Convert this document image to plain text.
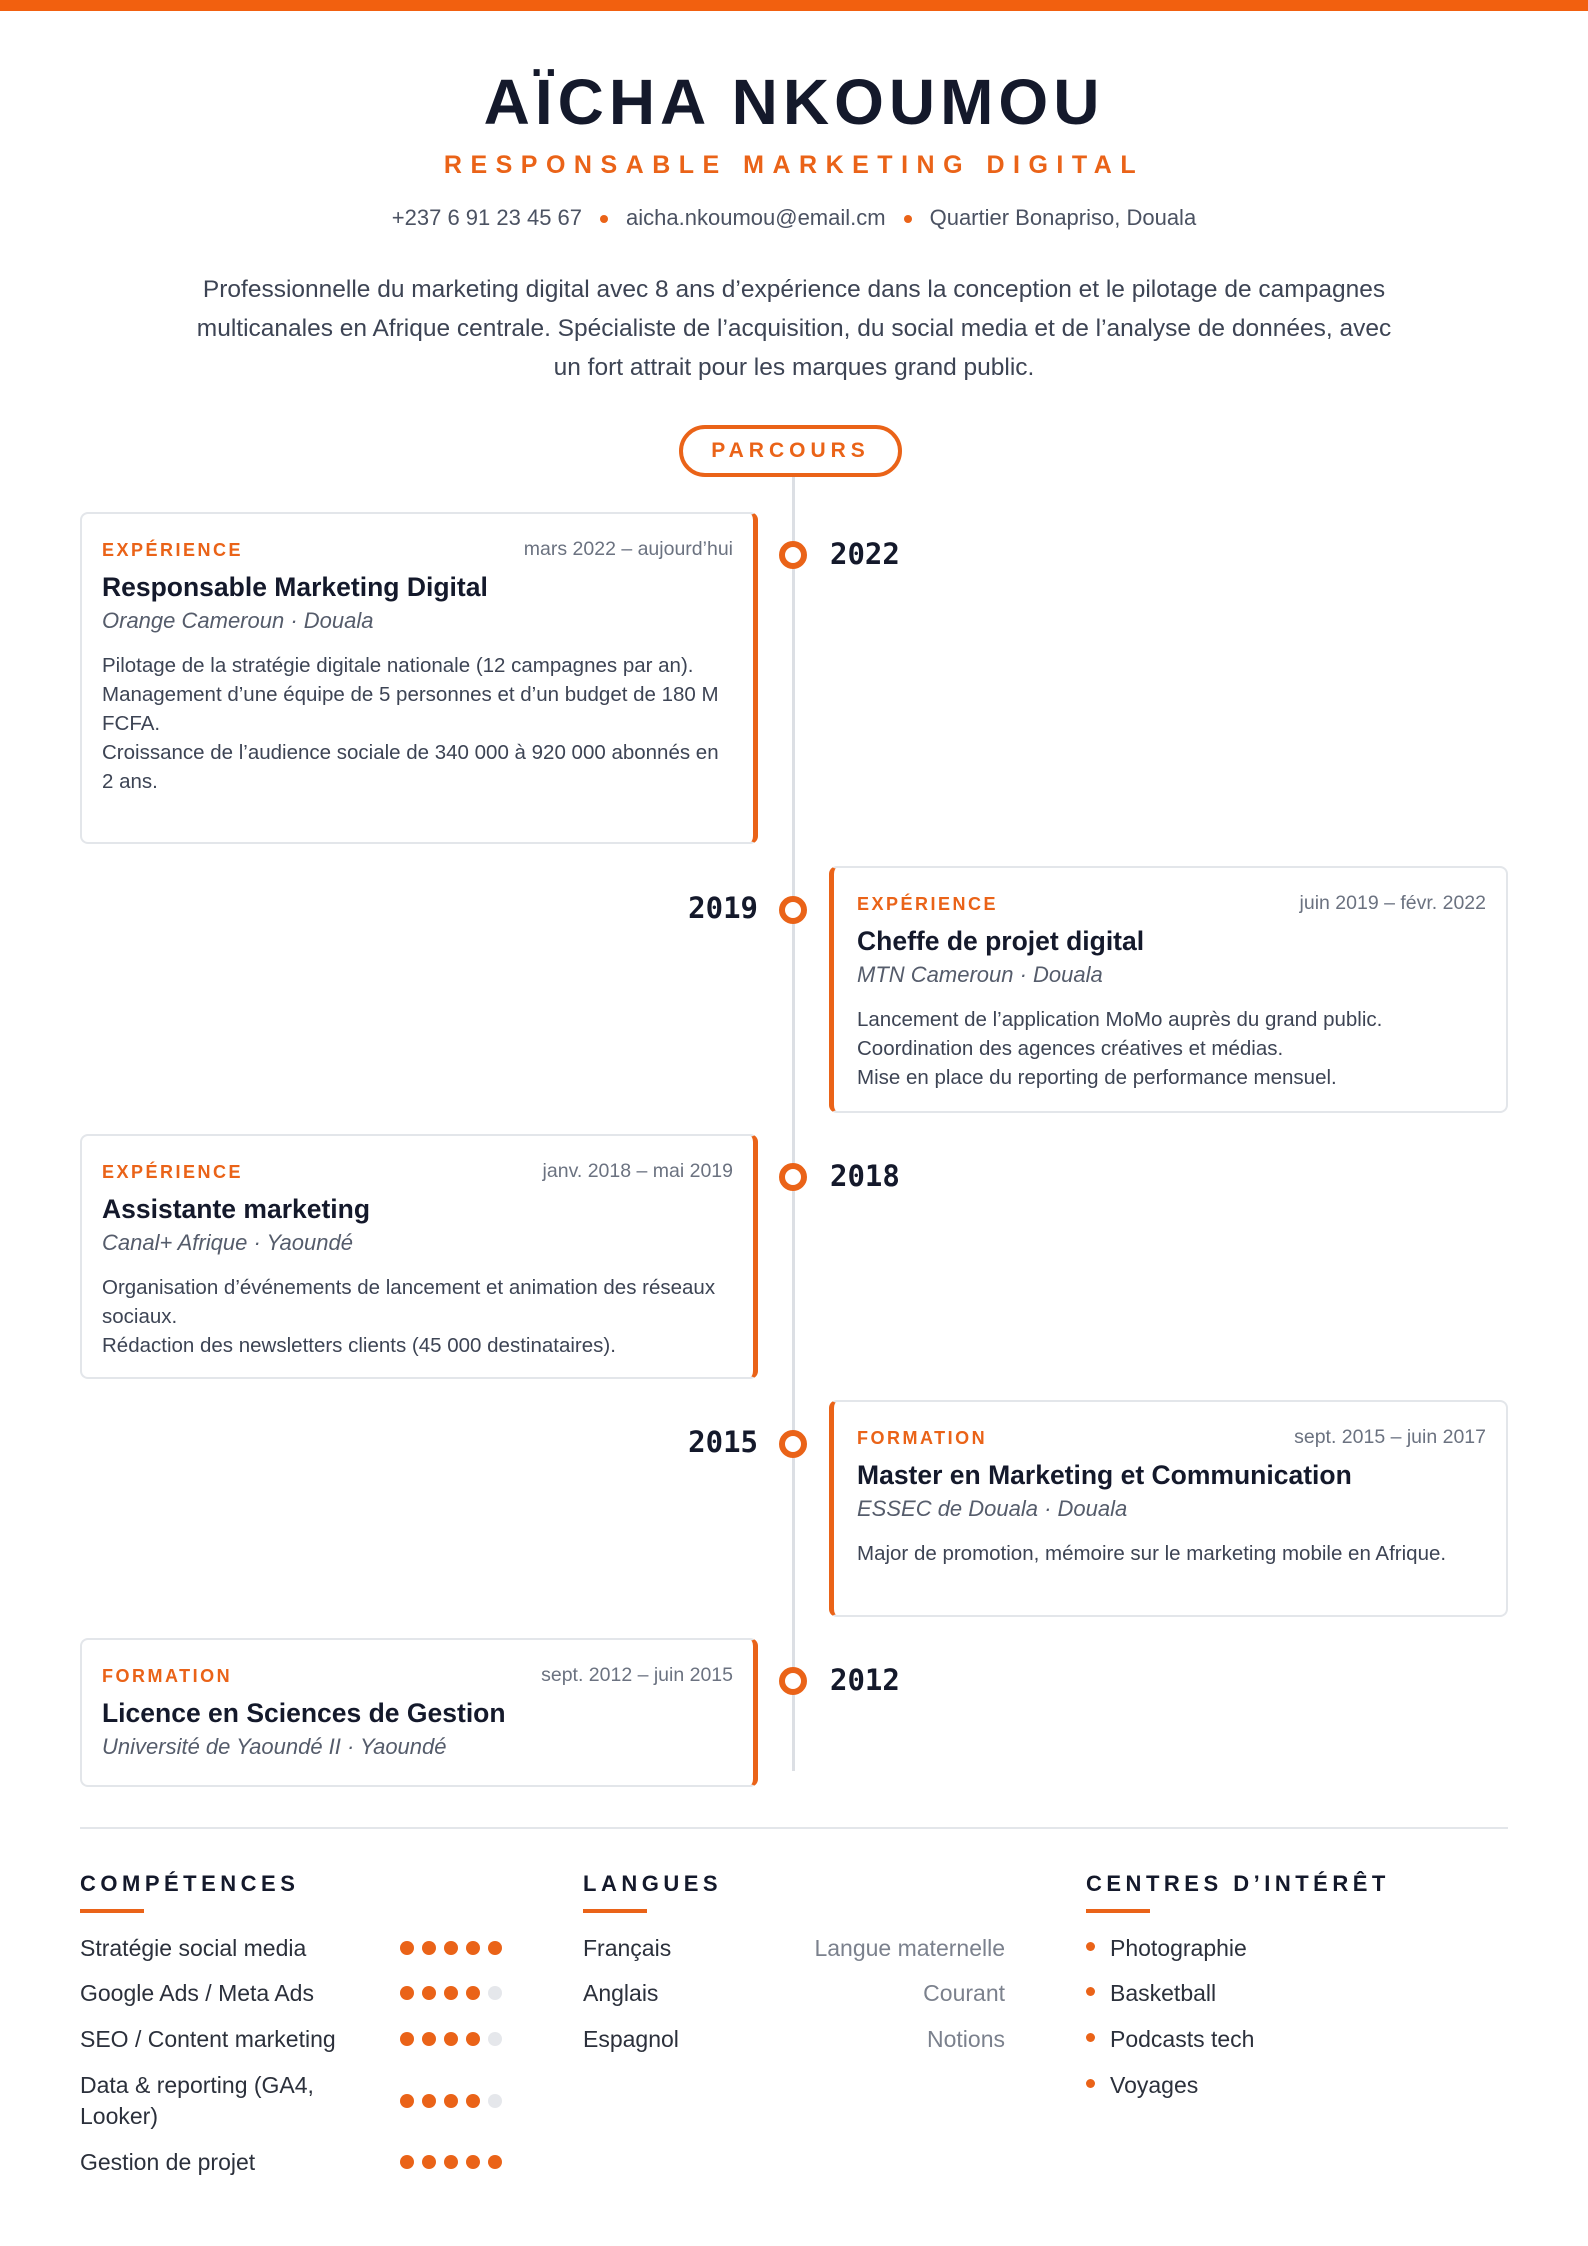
AÏCHA NKOUMOU
RESPONSABLE MARKETING DIGITAL
+237 6 91 23 45 67 aicha.nkoumou@email.cm Quartier Bonapriso, Douala
Professionnelle du marketing digital avec 8 ans d’expérience dans la conception et le pilotage de campagnes multicanales en Afrique centrale. Spécialiste de l’acquisition, du social media et de l’analyse de données, avec un fort attrait pour les marques grand public.
PARCOURS
EXPÉRIENCE	mars 2022 – aujourd’hui
Responsable Marketing Digital
Orange Cameroun · Douala
Pilotage de la stratégie digitale nationale (12 campagnes par an).
Management d’une équipe de 5 personnes et d’un budget de 180 M FCFA.
Croissance de l’audience sociale de 340 000 à 920 000 abonnés en 2 ans.
2022
EXPÉRIENCE	juin 2019 – févr. 2022
Cheffe de projet digital
MTN Cameroun · Douala
Lancement de l’application MoMo auprès du grand public.
Coordination des agences créatives et médias.
Mise en place du reporting de performance mensuel.
2019
EXPÉRIENCE	janv. 2018 – mai 2019
Assistante marketing
Canal+ Afrique · Yaoundé
Organisation d’événements de lancement et animation des réseaux sociaux.
Rédaction des newsletters clients (45 000 destinataires).
2018
FORMATION	sept. 2015 – juin 2017
Master en Marketing et Communication
ESSEC de Douala · Douala
Major de promotion, mémoire sur le marketing mobile en Afrique.
2015
FORMATION	sept. 2012 – juin 2015
Licence en Sciences de Gestion
Université de Yaoundé II · Yaoundé
2012
COMPÉTENCES
Stratégie social media
Google Ads / Meta Ads
SEO / Content marketing
Data & reporting (GA4, Looker)
Gestion de projet
LANGUES
Français	Langue maternelle
Anglais	Courant
Espagnol	Notions
CENTRES D’INTÉRÊT
Photographie
Basketball
Podcasts tech
Voyages
